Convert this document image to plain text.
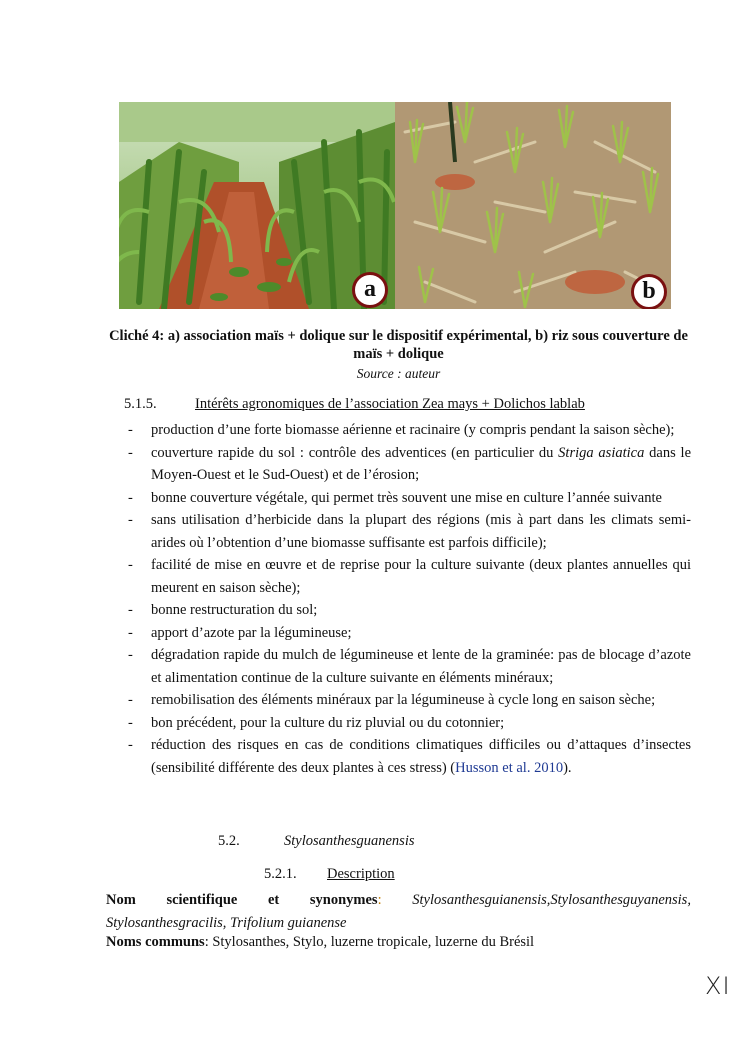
a	b
Cliché 4: a) association maïs + dolique sur le dispositif expérimental, b) riz sous couverture de maïs + dolique
Source : auteur
5.1.5.	Intérêts agronomiques de l’association Zea mays + Dolichos lablab
- production d’une forte biomasse aérienne et racinaire (y compris pendant la saison sèche);
- couverture rapide du sol : contrôle des adventices (en particulier du Striga asiatica dans le Moyen-Ouest et le Sud-Ouest) et de l’érosion;
- bonne couverture végétale, qui permet très souvent une mise en culture l’année suivante
- sans utilisation d’herbicide dans la plupart des régions (mis à part dans les climats semi-arides où l’obtention d’une biomasse suffisante est parfois difficile);
- facilité de mise en œuvre et de reprise pour la culture suivante (deux plantes annuelles qui meurent en saison sèche);
- bonne restructuration du sol;
- apport d’azote par la légumineuse;
- dégradation rapide du mulch de légumineuse et lente de la graminée: pas de blocage d’azote et alimentation continue de la culture suivante en éléments minéraux;
- remobilisation des éléments minéraux par la légumineuse à cycle long en saison sèche;
- bon précédent, pour la culture du riz pluvial ou du cotonnier;
- réduction des risques en cas de conditions climatiques difficiles ou d’attaques d’insectes (sensibilité différente des deux plantes à ces stress) (Husson et al. 2010).
5.2.	Stylosanthesguanensis
5.2.1. Description
Nom scientifique et synonymes: Stylosanthesguianensis,Stylosanthesguyanensis,
Stylosanthesgracilis, Trifolium guianense
Noms communs: Stylosanthes, Stylo, luzerne tropicale, luzerne du Brésil
XI
